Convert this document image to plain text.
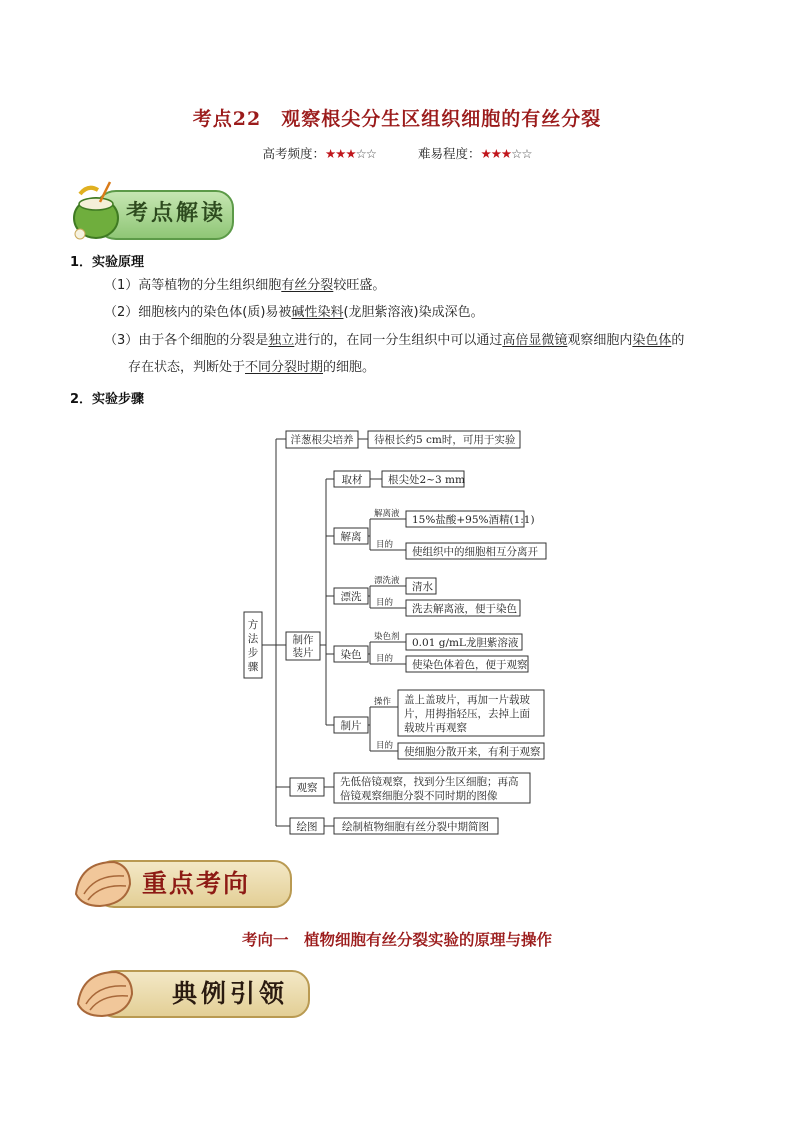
考点22　观察根尖分生区组织细胞的有丝分裂
高考频度：★★★☆☆	难易程度：★★★☆☆
考点解读
1．实验原理
（1）高等植物的分生组织细胞有丝分裂较旺盛。
（2）细胞核内的染色体(质)易被碱性染料(龙胆紫溶液)染成深色。
（3）由于各个细胞的分裂是独立进行的，在同一分生组织中可以通过高倍显微镜观察细胞内染色体的
存在状态，判断处于不同分裂时期的细胞。
2．实验步骤
方
法
步
骤
洋葱根尖培养 待根长约5 cm时，可用于实验
制作
装片
取材 根尖处2~3 mm
解离
解离液 15%盐酸+95%酒精(1:1)
目的
使组织中的细胞相互分离开
漂洗
漂洗液 清水
目的 洗去解离液，便于染色
染色
染色剂 0.01 g/mL龙胆紫溶液
目的 使染色体着色，便于观察
制片
操作 盖上盖玻片，再加一片载玻
片，用拇指轻压，去掉上面
载玻片再观察
目的 使细胞分散开来，有利于观察
观察 先低倍镜观察，找到分生区细胞；再高
倍镜观察细胞分裂不同时期的图像
绘图 绘制植物细胞有丝分裂中期简图
重点考向
考向一　植物细胞有丝分裂实验的原理与操作
典例引领
